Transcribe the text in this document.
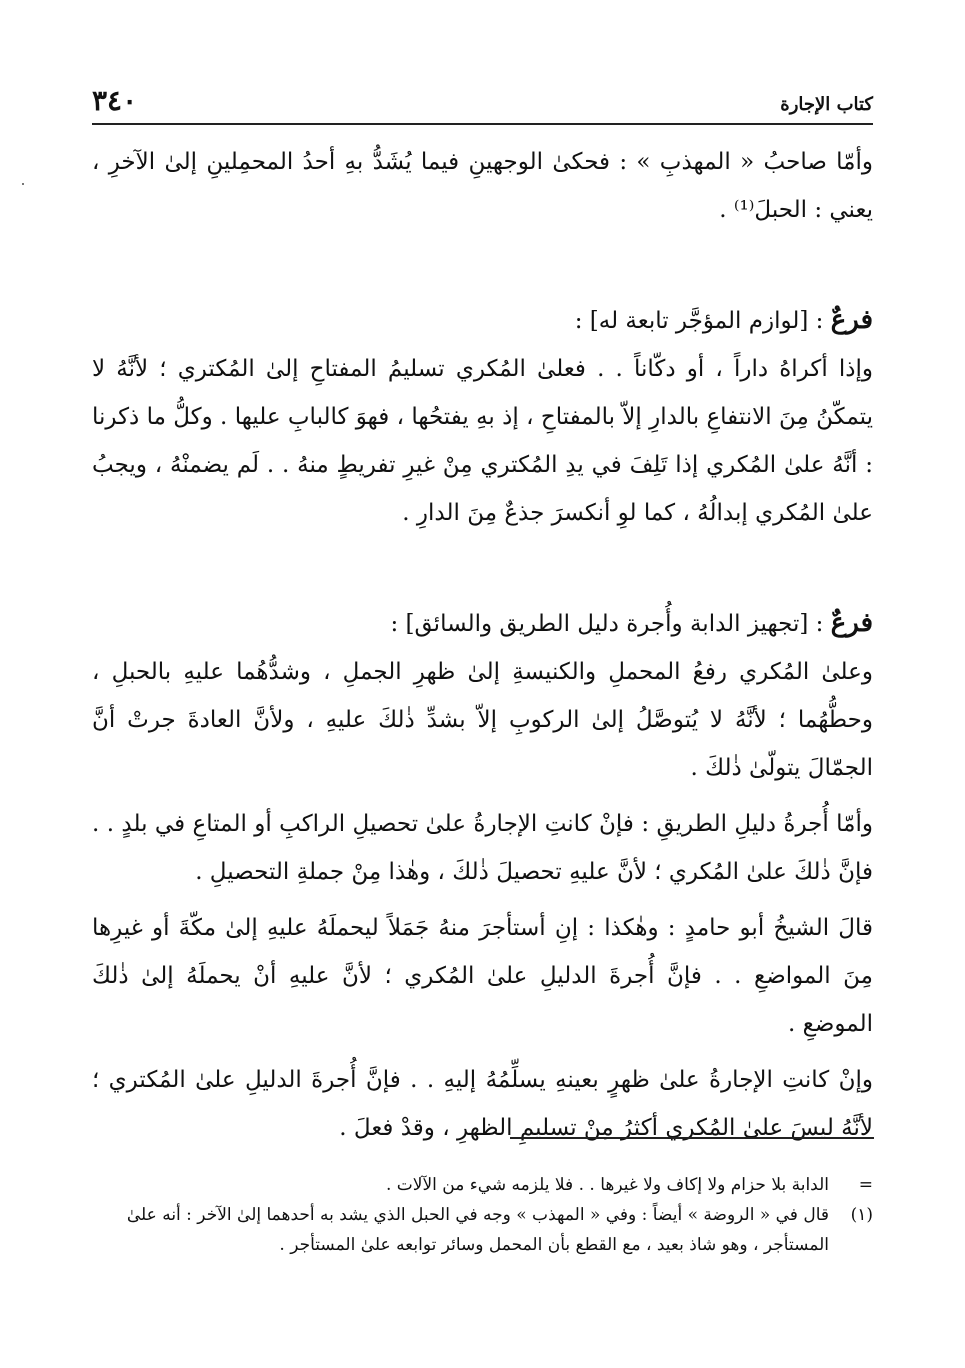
٣٤٠	كتاب الإجارة

وأمّا صاحبُ « المهذبِ » : فحكىٰ الوجهينِ فيما يُشَدُّ بهِ أحدُ المحمِلينِ إلىٰ الآخرِ ، يعني : الحبلَ⁽¹⁾ .

فرعٌ : [لوازم المؤجَّر تابعة له] :

وإذا أكراهُ داراً ، أو دكّاناً . . فعلىٰ المُكري تسليمُ المفتاحِ إلىٰ المُكتري ؛ لأنَّهُ لا يتمكّنُ مِنَ الانتفاعِ بالدارِ إلاّ بالمفتاحِ ، إذ بهِ يفتحُها ، فهوَ كالبابِ عليها . وكلُّ ما ذكرنا : أنَّهُ علىٰ المُكري إذا تَلِفَ في يدِ المُكتري مِنْ غيرِ تفريطٍ منهُ . . لَم يضمنْهُ ، ويجبُ علىٰ المُكري إبدالُهُ ، كما لوِ أنكسرَ جذعٌ مِنَ الدارِ .

فرعٌ : [تجهيز الدابة وأُجرة دليل الطريق والسائق] :

وعلىٰ المُكري رفعُ المحملِ والكنيسةِ إلىٰ ظهرِ الجملِ ، وشدُّهُما عليهِ بالحبلِ ، وحطُّهُما ؛ لأنَّهُ لا يُتوصَّلُ إلىٰ الركوبِ إلاّ بشدِّ ذٰلكَ عليهِ ، ولأنَّ العادةَ جرتْ أنَّ الجمّالَ يتولّىٰ ذٰلكَ .

وأمّا أُجرةُ دليلِ الطريقِ : فإنْ كانتِ الإجارةُ علىٰ تحصيلِ الراكبِ أو المتاعِ في بلدٍ . . فإنَّ ذٰلكَ علىٰ المُكري ؛ لأنَّ عليهِ تحصيلَ ذٰلكَ ، وهٰذا مِنْ جملةِ التحصيلِ .

قالَ الشيخُ أبو حامدٍ : وهٰكذا : إنِ أستأجرَ منهُ جَمَلاً ليحملَهُ عليهِ إلىٰ مكّةَ أو غيرِها مِنَ المواضعِ . . فإنَّ أُجرةَ الدليلِ علىٰ المُكري ؛ لأنَّ عليهِ أنْ يحملَهُ إلىٰ ذٰلكَ الموضعِ .

وإنْ كانتِ الإجارةُ علىٰ ظهرٍ بعينهِ يسلِّمُهُ إليهِ . . فإنَّ أُجرةَ الدليلِ علىٰ المُكتري ؛ لأنَّهُ ليسَ علىٰ المُكري أكثرُ مِنْ تسليمِ الظهرِ ، وقدْ فعلَ .

=
الدابة بلا حزام ولا إكاف ولا غيرها . . فلا يلزمه شيء من الآلات .
(١)
قال في « الروضة » أيضاً : وفي « المهذب » وجه في الحبل الذي يشد به أحدهما إلىٰ الآخر : أنه علىٰ المستأجر ، وهو شاذ بعيد ، مع القطع بأن المحمل وسائر توابعه علىٰ المستأجر .
